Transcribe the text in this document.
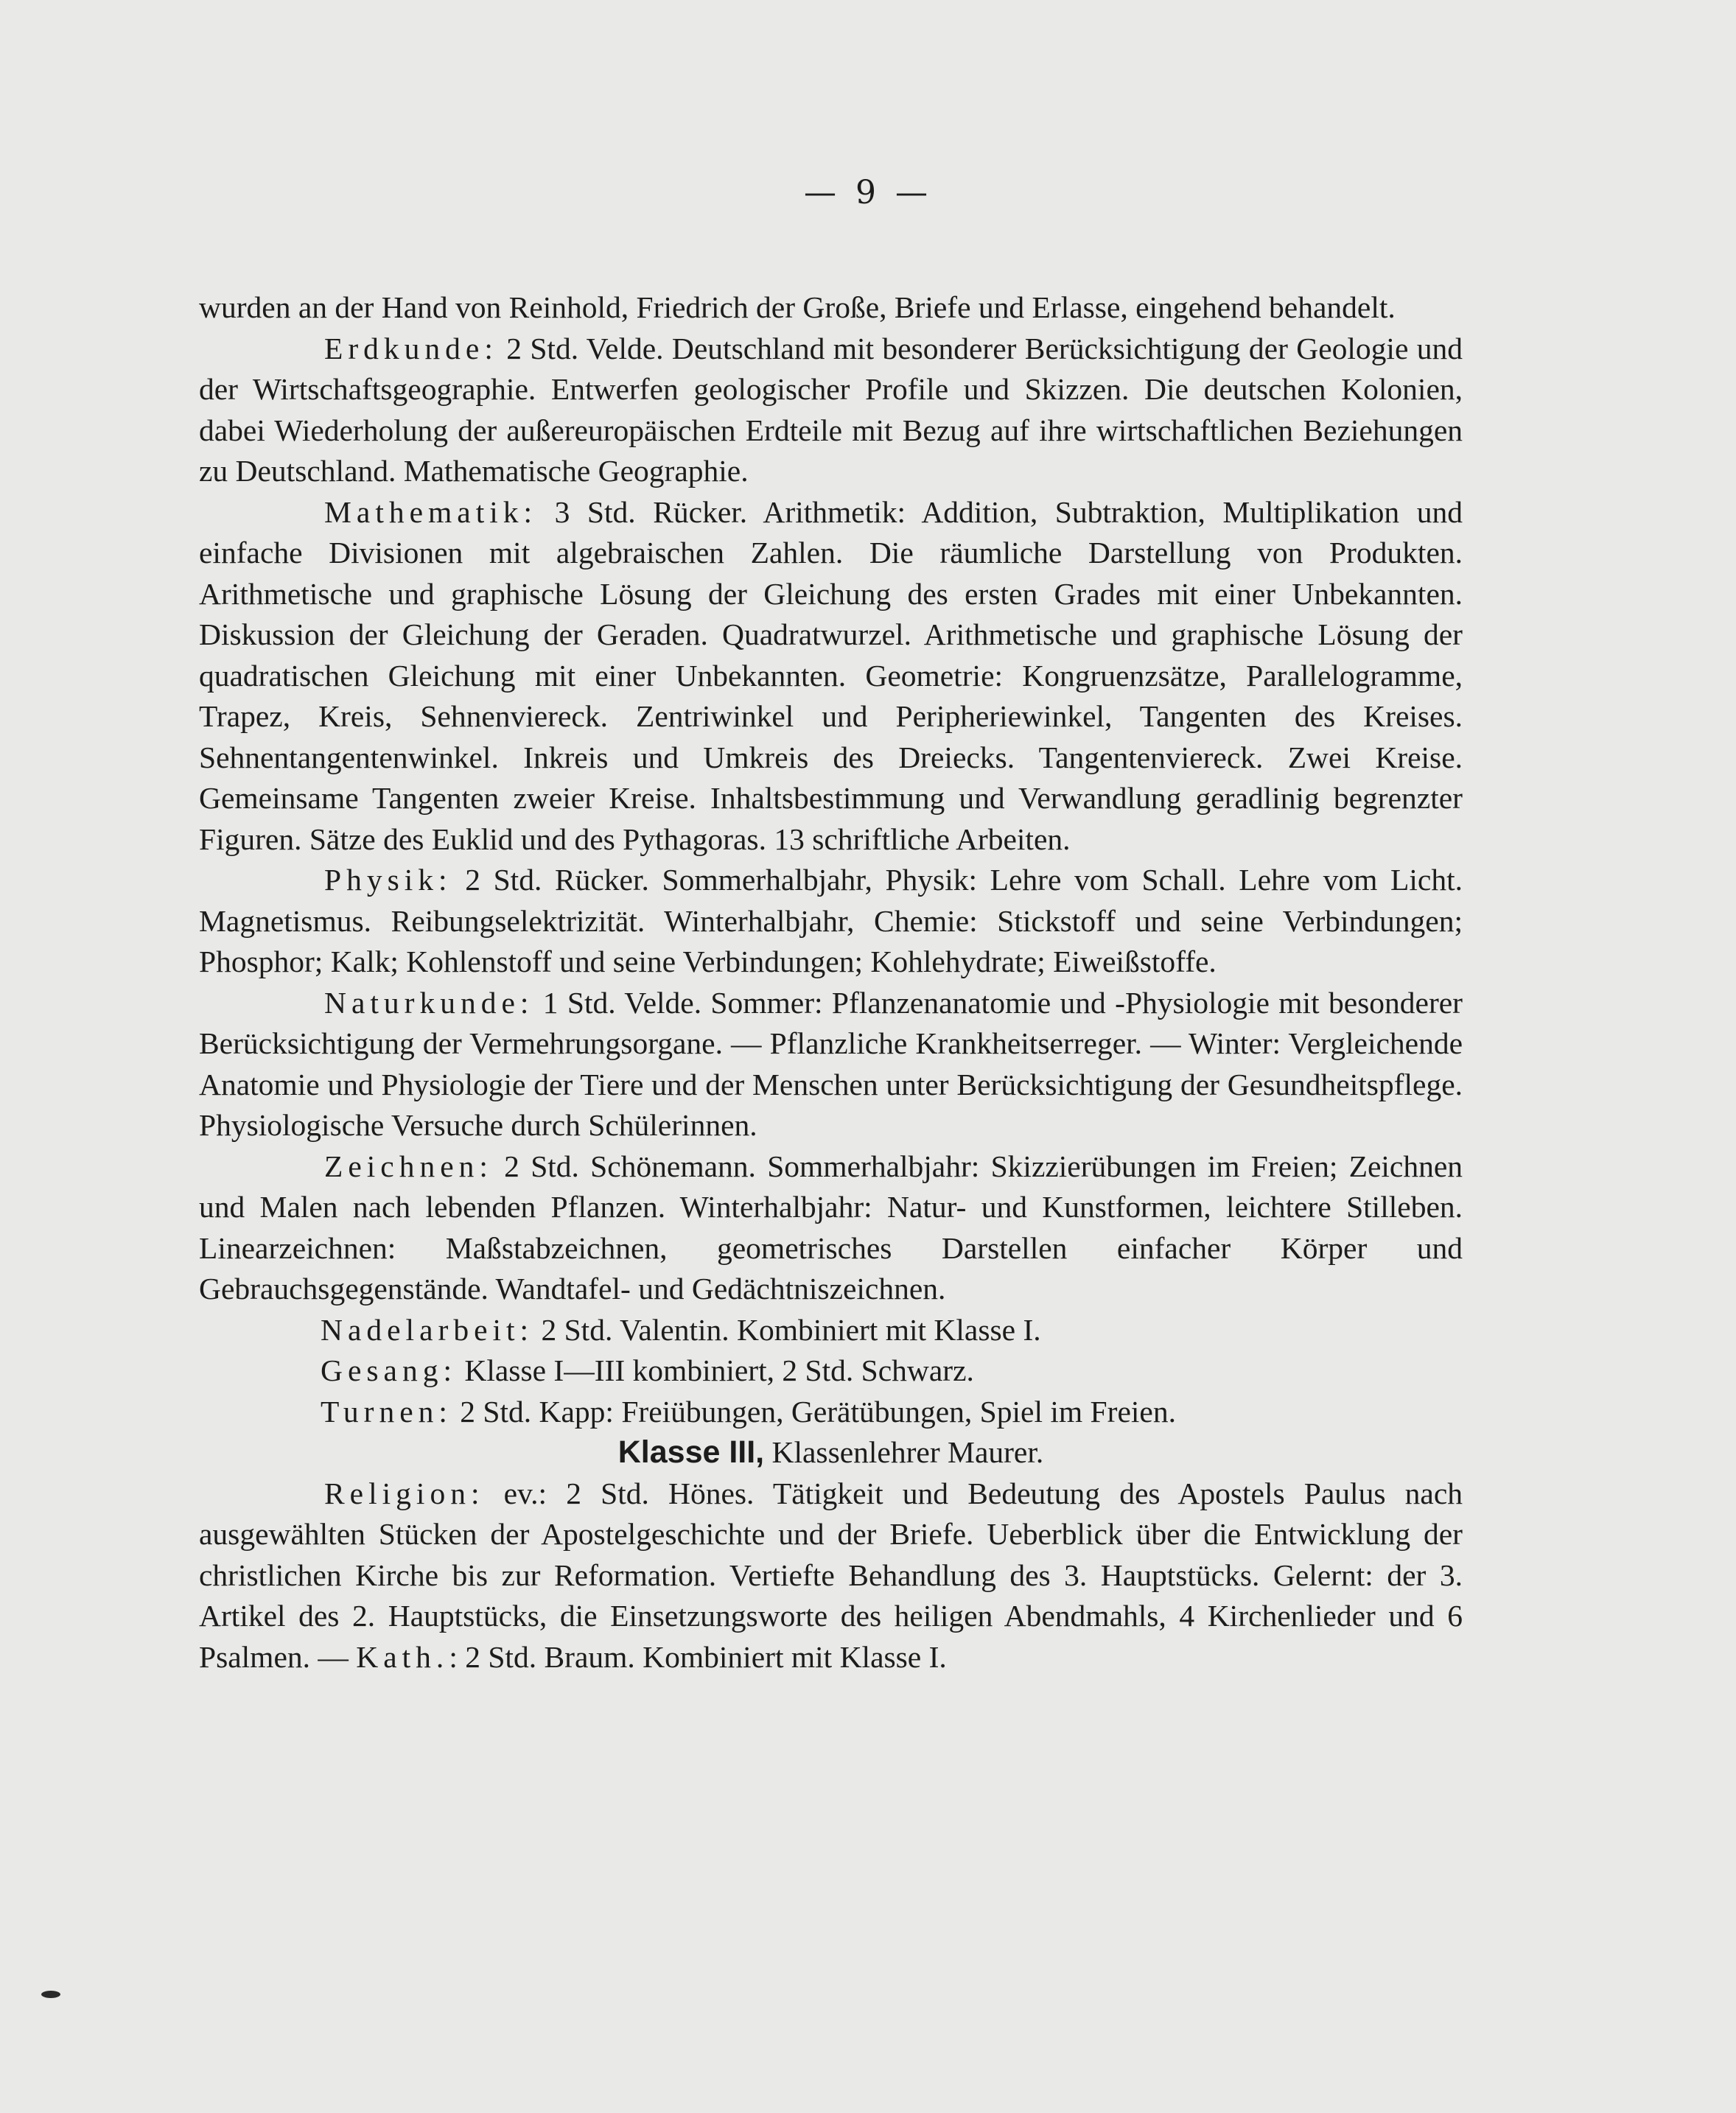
— 9 —

wurden an der Hand von Reinhold, Friedrich der Große, Briefe und Erlasse, eingehend behandelt.

Erdkunde: 2 Std. Velde. Deutschland mit besonderer Berücksichtigung der Geologie und der Wirtschaftsgeographie. Entwerfen geologischer Profile und Skizzen. Die deutschen Kolonien, dabei Wiederholung der außereuropäischen Erdteile mit Bezug auf ihre wirtschaftlichen Beziehungen zu Deutschland. Mathematische Geographie.

Mathematik: 3 Std. Rücker. Arithmetik: Addition, Subtraktion, Multiplikation und einfache Divisionen mit algebraischen Zahlen. Die räumliche Darstellung von Produkten. Arithmetische und graphische Lösung der Gleichung des ersten Grades mit einer Unbekannten. Diskussion der Gleichung der Geraden. Quadratwurzel. Arithmetische und graphische Lösung der quadratischen Gleichung mit einer Unbekannten. Geometrie: Kongruenzsätze, Parallelogramme, Trapez, Kreis, Sehnenviereck. Zentriwinkel und Peripheriewinkel, Tangenten des Kreises. Sehnentangentenwinkel. Inkreis und Umkreis des Dreiecks. Tangentenviereck. Zwei Kreise. Gemeinsame Tangenten zweier Kreise. Inhaltsbestimmung und Verwandlung geradlinig begrenzter Figuren. Sätze des Euklid und des Pythagoras. 13 schriftliche Arbeiten.

Physik: 2 Std. Rücker. Sommerhalbjahr, Physik: Lehre vom Schall. Lehre vom Licht. Magnetismus. Reibungselektrizität. Winterhalbjahr, Chemie: Stickstoff und seine Verbindungen; Phosphor; Kalk; Kohlenstoff und seine Verbindungen; Kohlehydrate; Eiweißstoffe.

Naturkunde: 1 Std. Velde. Sommer: Pflanzenanatomie und -Physiologie mit besonderer Berücksichtigung der Vermehrungsorgane. — Pflanzliche Krankheitserreger. — Winter: Vergleichende Anatomie und Physiologie der Tiere und der Menschen unter Berücksichtigung der Gesundheitspflege. Physiologische Versuche durch Schülerinnen.

Zeichnen: 2 Std. Schönemann. Sommerhalbjahr: Skizzierübungen im Freien; Zeichnen und Malen nach lebenden Pflanzen. Winterhalbjahr: Natur- und Kunstformen, leichtere Stilleben. Linearzeichnen: Maßstabzeichnen, geometrisches Darstellen einfacher Körper und Gebrauchsgegenstände. Wandtafel- und Gedächtniszeichnen.

Nadelarbeit: 2 Std. Valentin. Kombiniert mit Klasse I.

Gesang: Klasse I—III kombiniert, 2 Std. Schwarz.

Turnen: 2 Std. Kapp: Freiübungen, Gerätübungen, Spiel im Freien.

Klasse III, Klassenlehrer Maurer.

Religion: ev.: 2 Std. Hönes. Tätigkeit und Bedeutung des Apostels Paulus nach ausgewählten Stücken der Apostelgeschichte und der Briefe. Ueberblick über die Entwicklung der christlichen Kirche bis zur Reformation. Vertiefte Behandlung des 3. Hauptstücks. Gelernt: der 3. Artikel des 2. Hauptstücks, die Einsetzungsworte des heiligen Abendmahls, 4 Kirchenlieder und 6 Psalmen. — Kath.: 2 Std. Braum. Kombiniert mit Klasse I.
